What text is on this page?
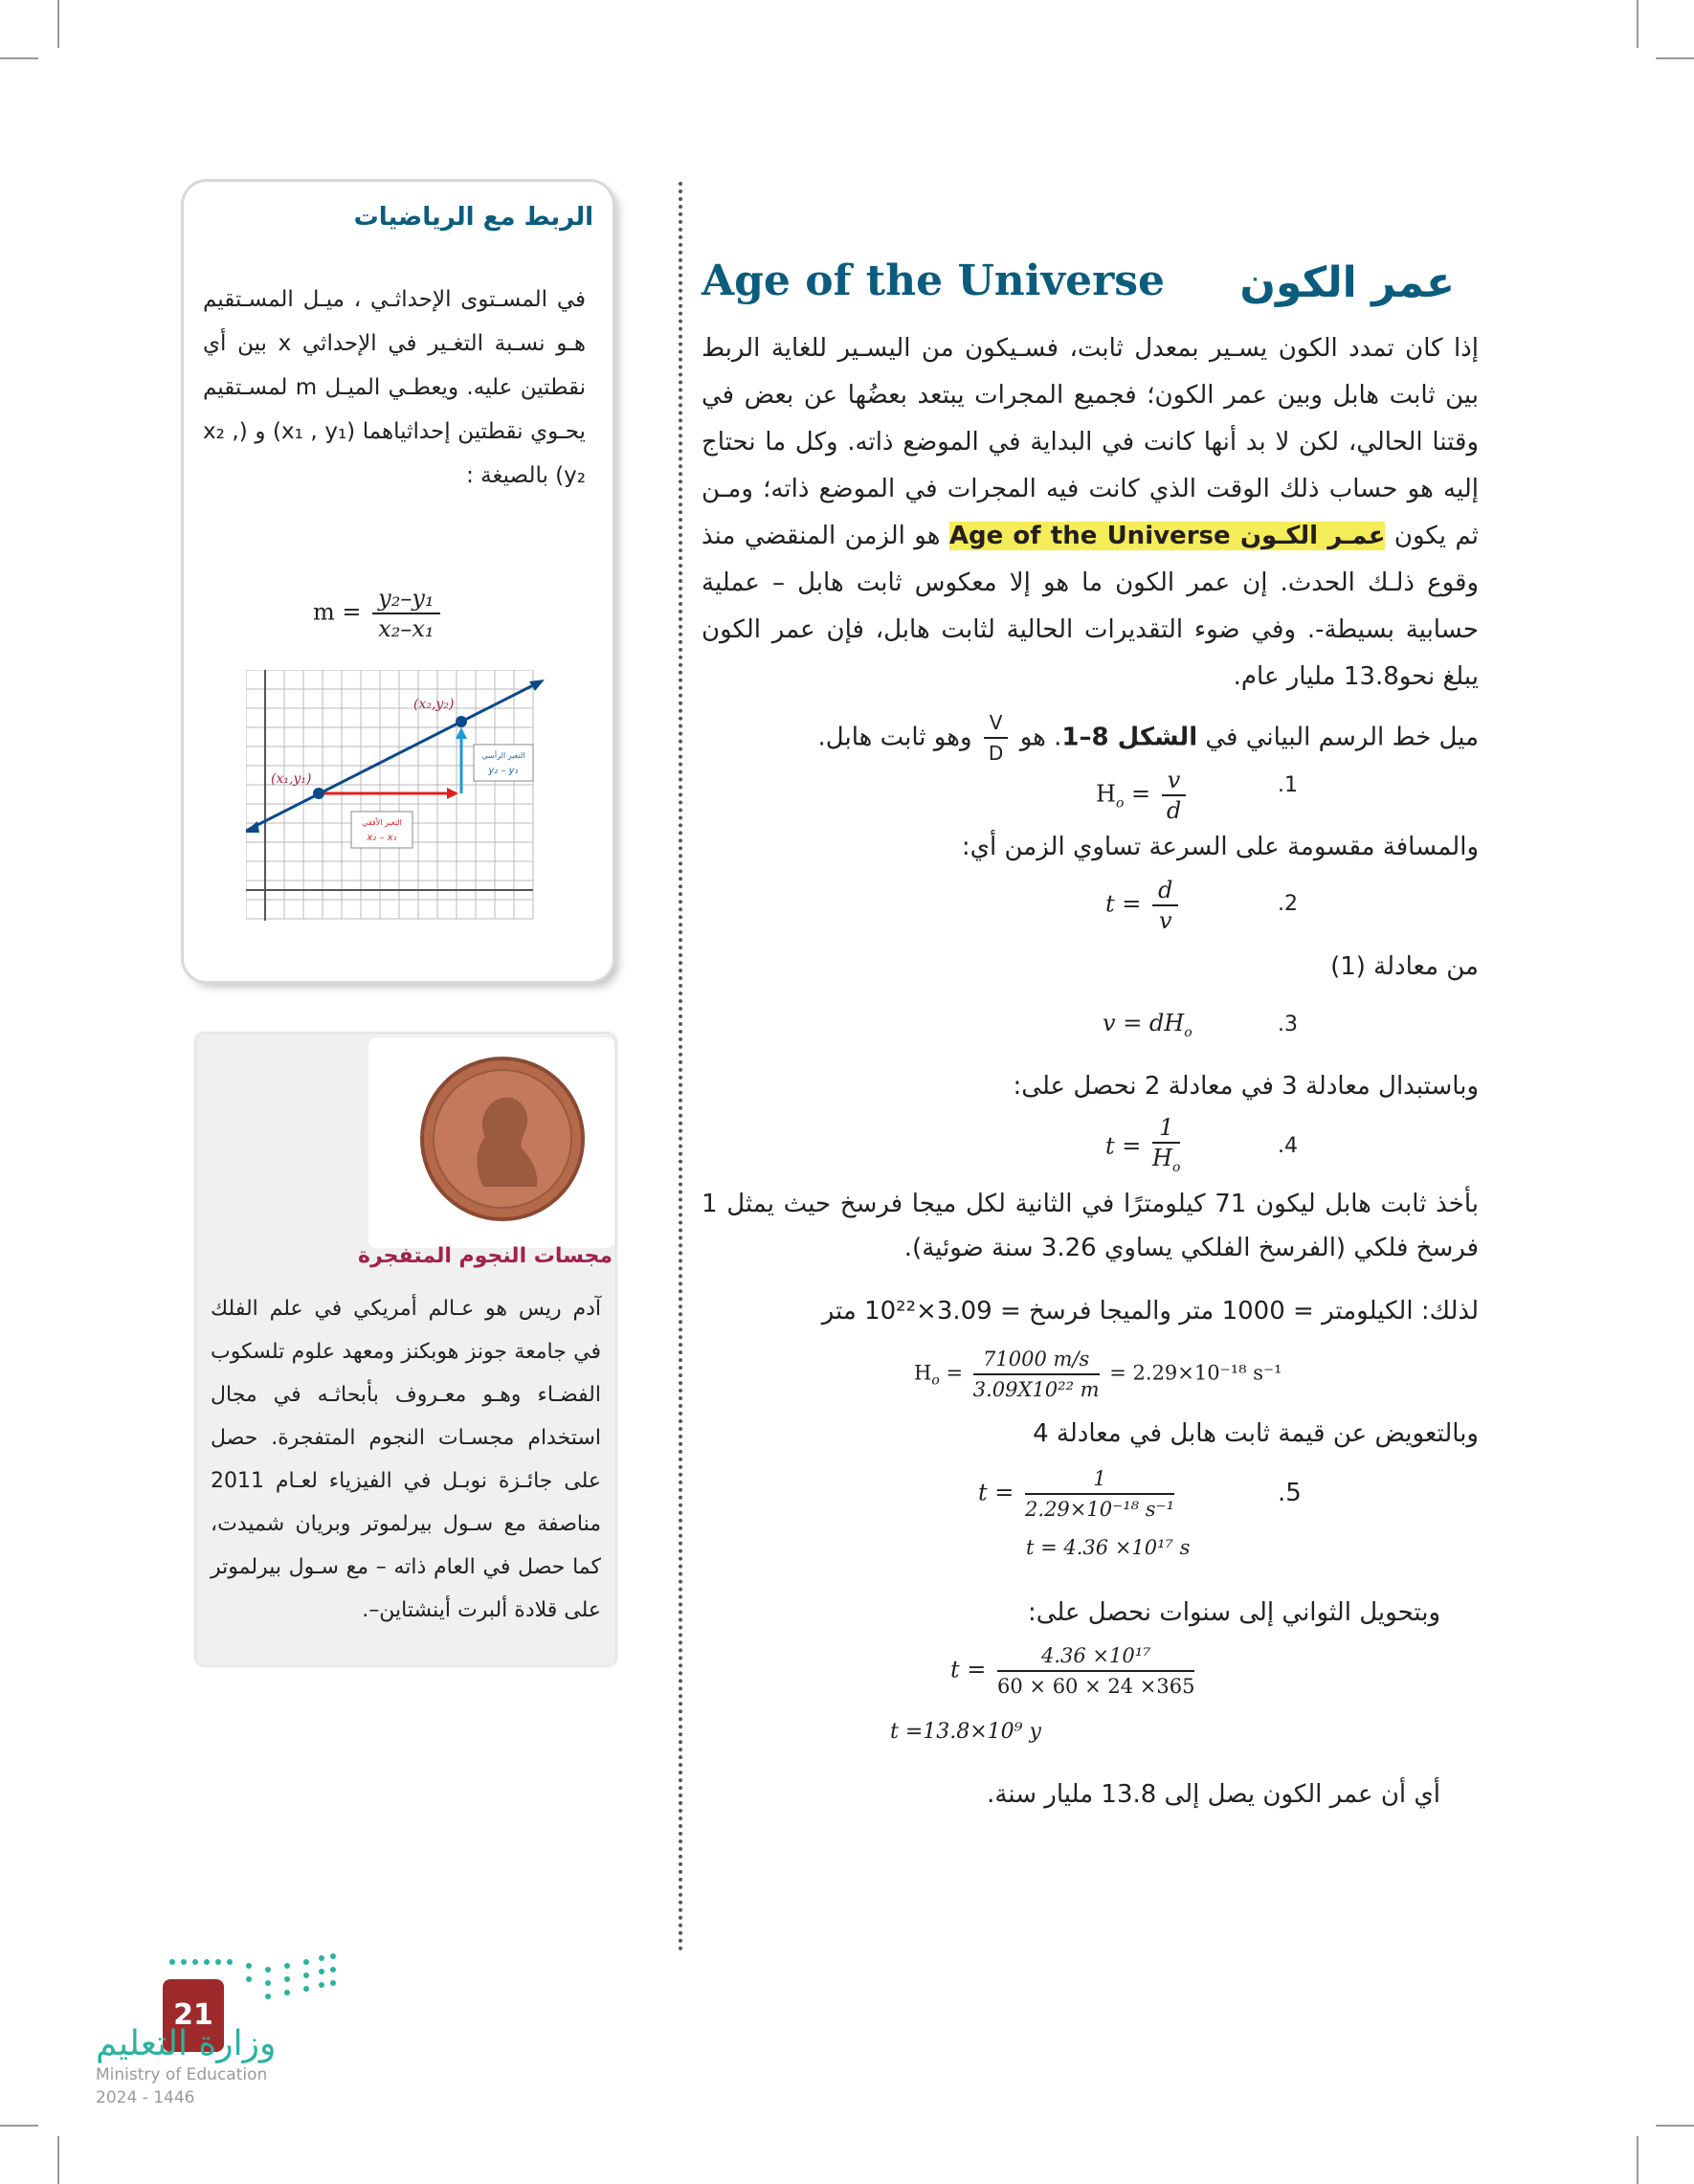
Age of the Universe عمر الكون
إذا كان تمدد الكون يسـير بمعدل ثابت، فسـيكون من اليسـير للغاية الربط بين ثابت هابل وبين عمر الكون؛ فجميع المجرات يبتعد بعضُها عن بعض في وقتنا الحالي، لكن لا بد أنها كانت في البداية في الموضع ذاته. وكل ما نحتاج إليه هو حساب ذلك الوقت الذي كانت فيه المجرات في الموضع ذاته؛ ومـن ثم يكون عمـر الكـون Age of the Universe هو الزمن المنقضي منذ وقوع ذلـك الحدث. إن عمر الكون ما هو إلا معكوس ثابت هابل – عملية حسابية بسيطة-. وفي ضوء التقديرات الحالية لثابت هابل، فإن عمر الكون يبلغ نحو13.8 مليار عام.
ميل خط الرسم البياني في الشكل 8–1. هو
$\frac{V}{D}$
وهو ثابت هابل.
$H_o = \frac{v}{d}$	.1
والمسافة مقسومة على السرعة تساوي الزمن أي:
$t = \frac{d}{v}$	.2
من معادلة (1)
$v = dH_o$	.3
وباستبدال معادلة 3 في معادلة 2 نحصل على:
$t = \frac{1}{H_o}$	.4
بأخذ ثابت هابل ليكون 71 كيلومترًا في الثانية لكل ميجا فرسخ حيث يمثل 1 فرسخ فلكي (الفرسخ الفلكي يساوي 3.26 سنة ضوئية).
لذلك: الكيلومتر = 1000 متر والميجا فرسخ = 3.09×10²² متر
$H_o = \frac{71000 m/s}{\text{3.09X10²² m}} = 2.29\times 10^{-18}$ s⁻¹
وبالتعويض عن قيمة ثابت هابل في معادلة 4
$t = \frac{1}{\text{2.29×10⁻¹⁸ s⁻¹}}$	.5
t = 4.36 ×10¹⁷ s
وبتحويل الثواني إلى سنوات نحصل على:
$t = \frac{\text{4.36 ×10¹⁷}}{60 \times 60 \times 24 \times 365}$
t =13.8×10⁹ y
أي أن عمر الكون يصل إلى 13.8 مليار سنة.
الربط مع الرياضيات
في المسـتوى الإحداثـي ، ميـل المسـتقيم هـو نسـبة التغـير في الإحداثي x بين أي نقطتين عليه. ويعطـي الميـل m لمسـتقيم يحـوي نقطتين إحداثياهما (x₁ , y₁) و (x₂ , y₂) بالصيغة :
$m = \frac{\text{y₂–y₁}}{\text{x₂–x₁}}$
(x₁,y₁)
(x₂,y₂)
التغير الرأسي
y₂ – y₁
التغير الأفقي
x₂ – x₁
مجسات النجوم المتفجرة
آدم ريس هو عـالم أمريكي في علم الفلك في جامعة جونز هوبكنز ومعهد علوم تلسكوب الفضـاء وهـو معـروف بأبحاثـه في مجال استخدام مجسـات النجوم المتفجرة. حصل على جائـزة نوبـل في الفيزياء لعـام 2011 مناصفة مع سـول بيرلموتر وبريان شميدت، كما حصل في العام ذاته – مع سـول بيرلموتر على قلادة ألبرت أينشتاين–.
21
وزارة التعليم
Ministry of Education
2024 - 1446
